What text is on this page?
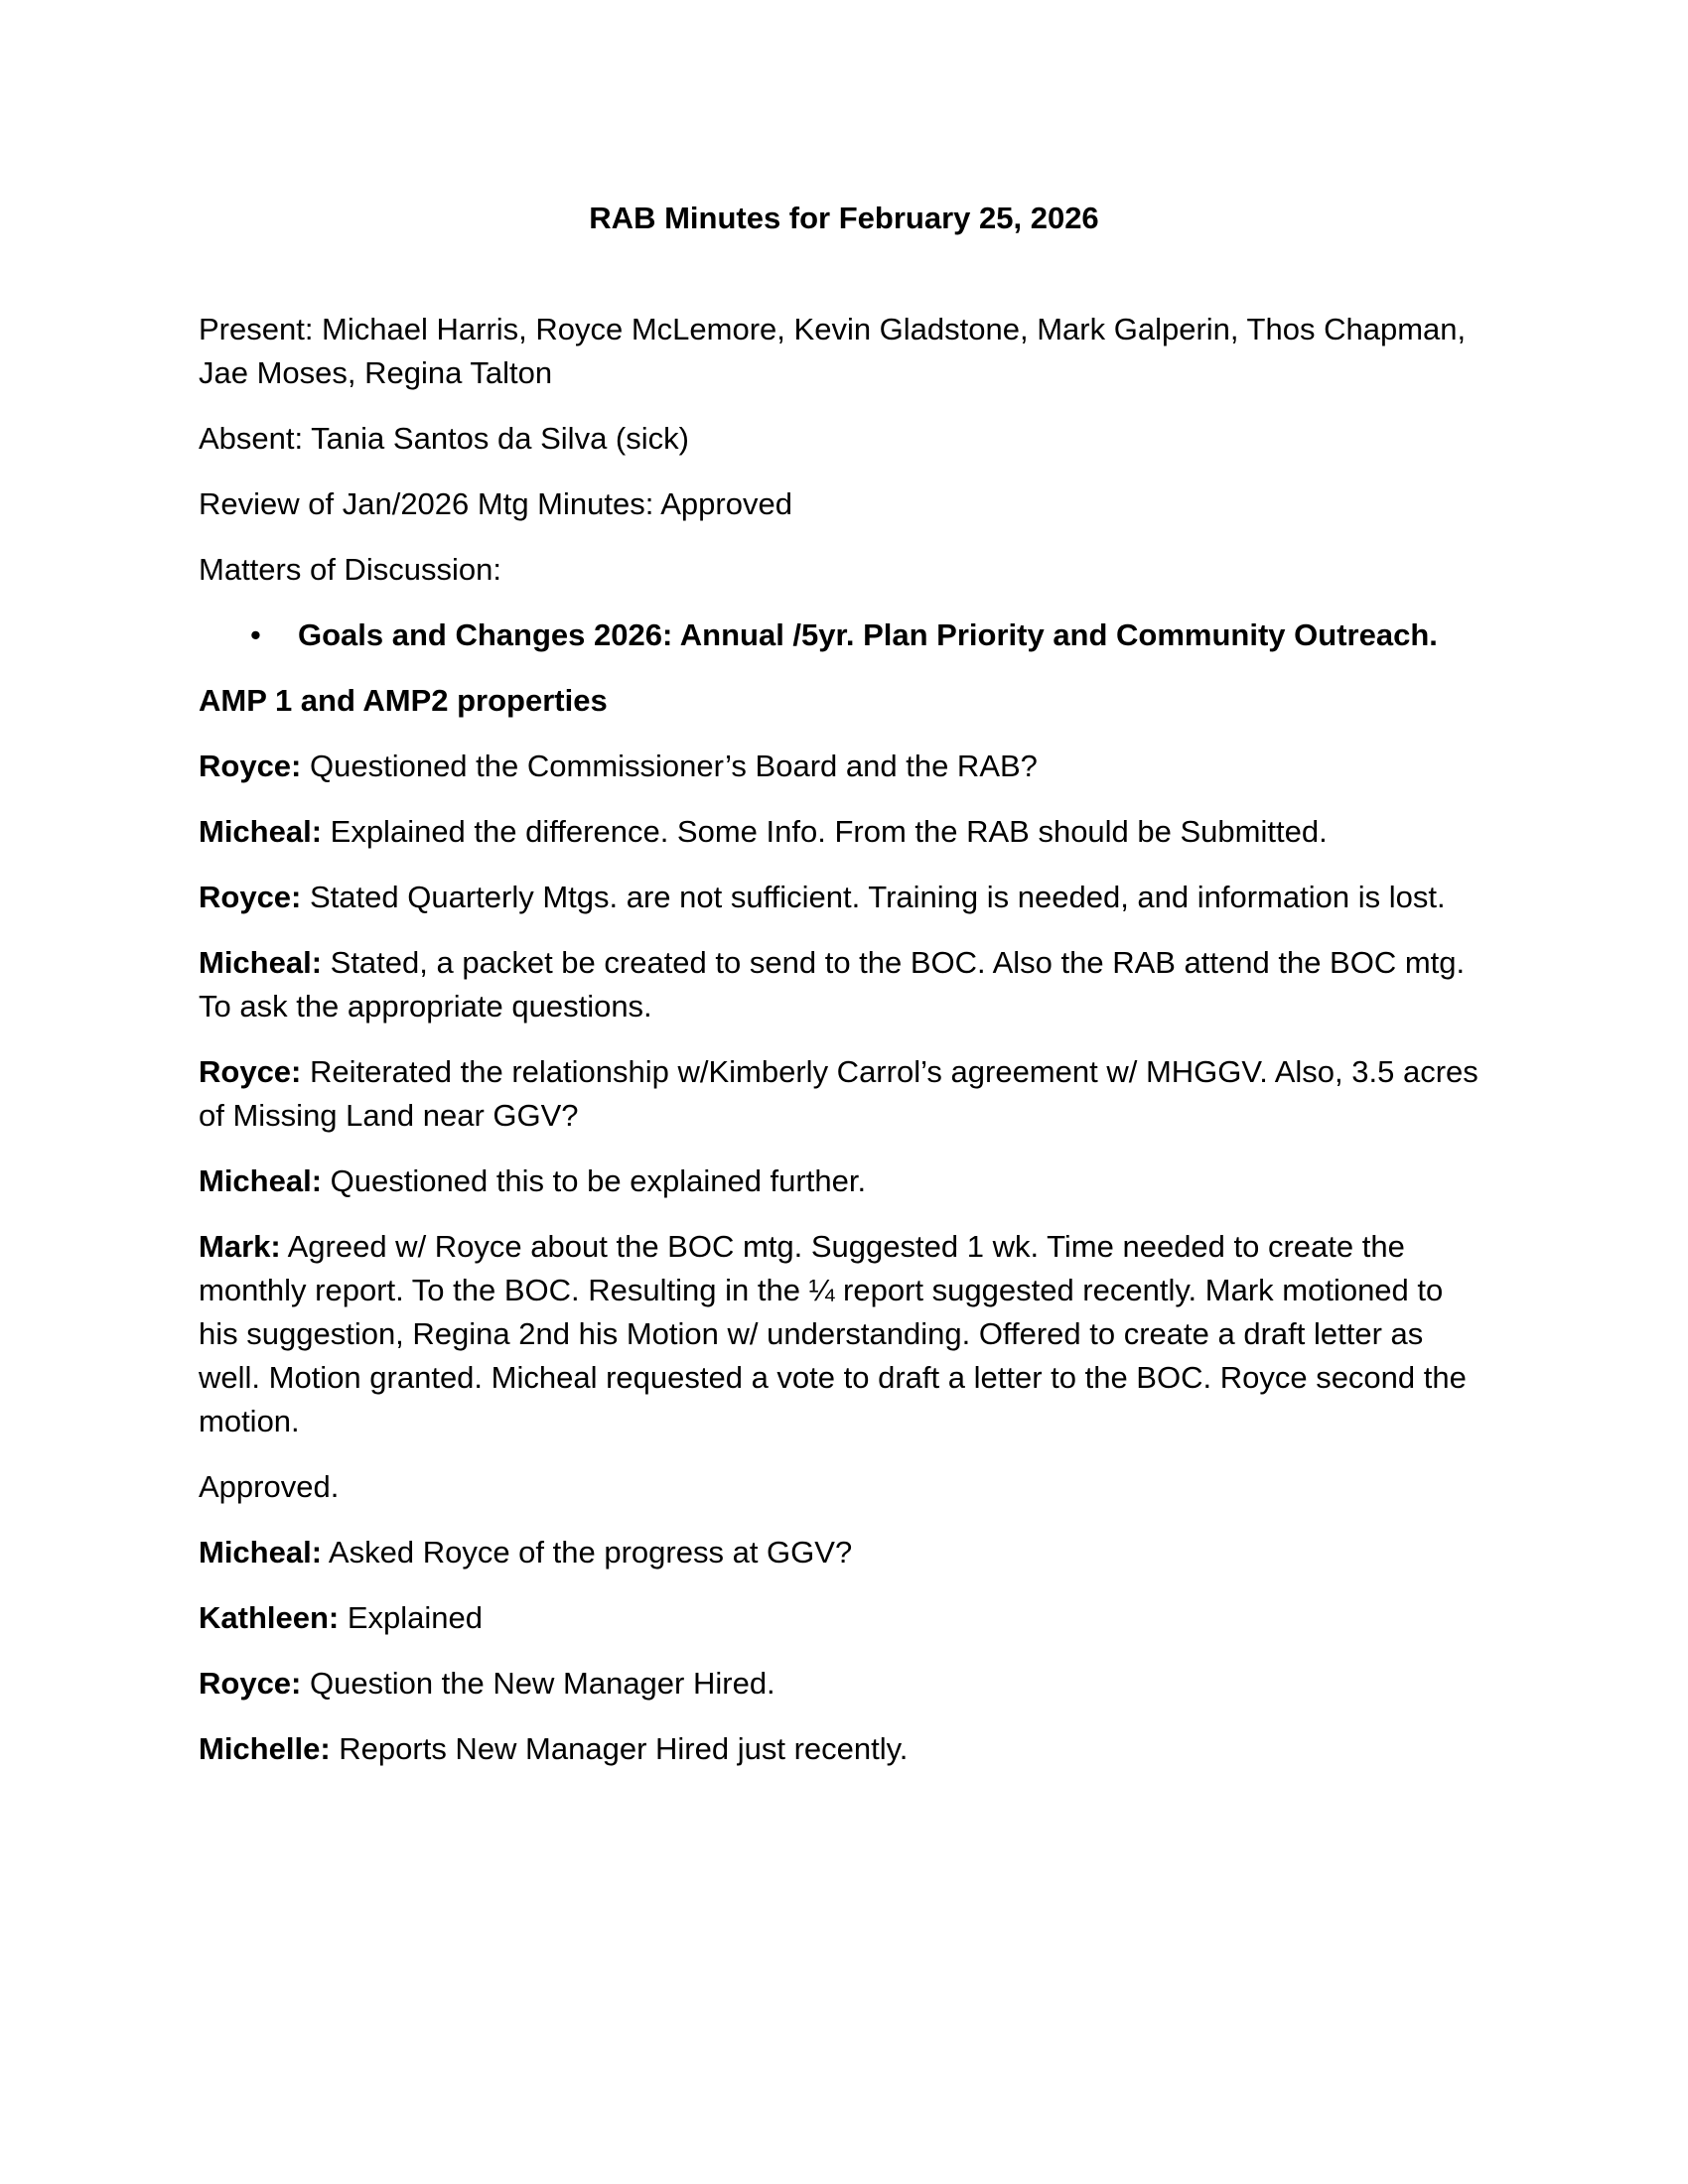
RAB Minutes for February 25, 2026

Present: Michael Harris, Royce McLemore, Kevin Gladstone, Mark Galperin, Thos Chapman, Jae Moses, Regina Talton

Absent: Tania Santos da Silva (sick)

Review of Jan/2026 Mtg Minutes: Approved

Matters of Discussion:

• Goals and Changes 2026: Annual /5yr. Plan Priority and Community Outreach.

AMP 1 and AMP2 properties

Royce: Questioned the Commissioner’s Board and the RAB?

Micheal: Explained the difference. Some Info. From the RAB should be Submitted.

Royce: Stated Quarterly Mtgs. are not sufficient. Training is needed, and information is lost.

Micheal: Stated, a packet be created to send to the BOC. Also the RAB attend the BOC mtg. To ask the appropriate questions.

Royce: Reiterated the relationship w/Kimberly Carrol’s agreement w/ MHGGV. Also, 3.5 acres of Missing Land near GGV?

Micheal: Questioned this to be explained further.

Mark: Agreed w/ Royce about the BOC mtg. Suggested 1 wk. Time needed to create the monthly report. To the BOC. Resulting in the ¼ report suggested recently. Mark motioned to his suggestion, Regina 2nd his Motion w/ understanding. Offered to create a draft letter as well. Motion granted. Micheal requested a vote to draft a letter to the BOC. Royce second the motion.

Approved.

Micheal: Asked Royce of the progress at GGV?

Kathleen: Explained

Royce: Question the New Manager Hired.

Michelle: Reports New Manager Hired just recently.
